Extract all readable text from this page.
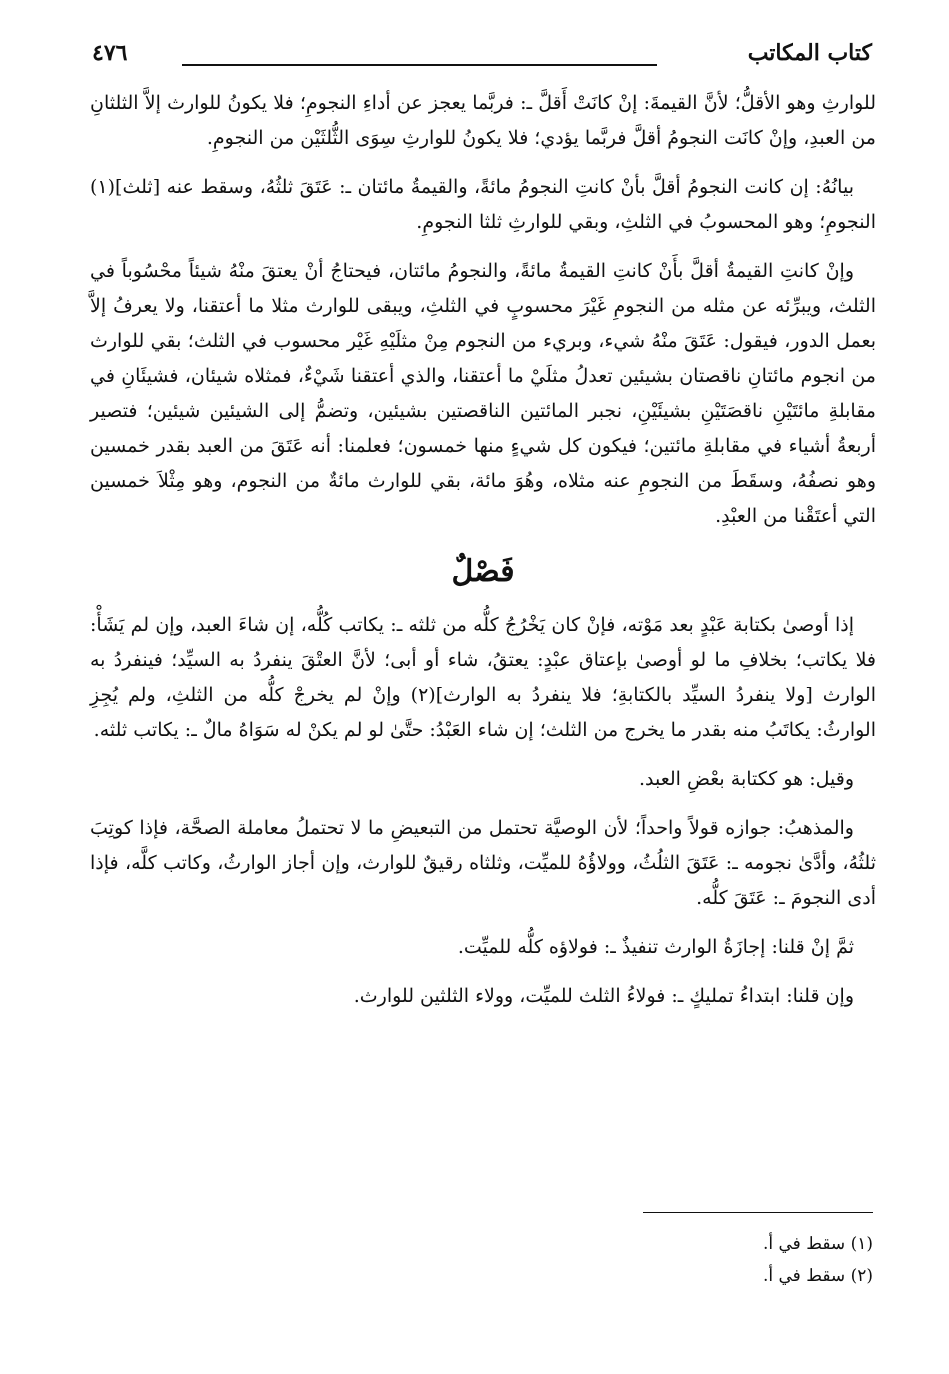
كتاب المكاتب
٤٧٦

للوارثِ وهو الأقلُّ؛ لأنَّ القيمةَ: إنْ كانَتْ أَقلَّ ـ: فربَّما يعجز عن أداءِ النجومِ؛ فلا يكونُ للوارث إلاَّ الثلثانِ من العبدِ، وإنْ كانَت النجومُ أقلَّ فربَّما يؤدي؛ فلا يكونُ للوارثِ سِوَى الثُّلثَيْن من النجومِ.

بيانُهُ: إن كانت النجومُ أقلَّ بأنْ كانتِ النجومُ مائةً، والقيمةُ مائتان ـ: عَتَقَ ثلثُهُ، وسقط عنه [ثلث](١) النجومِ؛ وهو المحسوبُ في الثلثِ، وبقي للوارثِ ثلثا النجومِ.

وإنْ كانتِ القيمةُ أقلَّ بأَنْ كانتِ القيمةُ مائةً، والنجومُ مائتان، فيحتاجُ أنْ يعتقَ منْهُ شيئاً محْسُوباً في الثلث، ويبرِّئه عن مثله من النجومِ غَيْرَ محسوبٍ في الثلثِ، ويبقى للوارث مثلا ما أعتقنا، ولا يعرفُ إلاَّ بعمل الدور، فيقول: عَتَقَ منْهُ شيء، وبريء من النجوم مِنْ مثلَيْهِ غَيْر محسوب في الثلث؛ بقي للوارث من انجوم مائتانِ ناقصتان بشيئين تعدلُ مثلَيْ ما أعتقنا، والذي أعتقنا شَيْءٌ، فمثلاه شيئان، فشيئَانِ في مقابلةِ مائتَيْنِ ناقصَتَيْنِ بشيئَيْنِ، نجبر المائتين الناقصتين بشيئين، وتضمُّ إلى الشيئين شيئين؛ فتصير أربعةُ أشياء في مقابلةِ مائتين؛ فيكون كل شيءٍ منها خمسون؛ فعلمنا: أنه عَتَقَ من العبد بقدر خمسين وهو نصفُهُ، وسقَطَ من النجومِ عنه مثلاه، وهُوَ مائة، بقي للوارث مائةٌ من النجوم، وهو مِثْلاَ خمسين التي أعتَقْنا من العبْدِ.

فَصْلٌ

إذا أوصىٰ بكتابة عَبْدٍ بعد مَوْته، فإنْ كان يَخْرُجُ كلُّه من ثلثه ـ: يكاتب كُلُّه، إن شاءَ العبد، وإن لم يَشَأْ: فلا يكاتب؛ بخلافِ ما لو أوصىٰ بإعتاق عبْدٍ: يعتقُ، شاء أو أبى؛ لأنَّ العتْقَ ينفردُ به السيِّد؛ فينفردُ به الوارث [ولا ينفردُ السيِّد بالكتابةِ؛ فلا ينفردُ به الوارث](٢) وإنْ لم يخرجْ كلُّه من الثلثِ، ولم يُجِزِ الوارثُ: يكاتَبُ منه بقدر ما يخرج من الثلث؛ إن شاء العَبْدُ: حتَّىٰ لو لم يكنْ له سَوَاهُ مالٌ ـ: يكاتب ثلثه.

وقيل: هو ككتابة بعْضِ العبد.

والمذهبُ: جوازه قولاً واحداً؛ لأن الوصيَّة تحتمل من التبعيضِ ما لا تحتملُ معاملة الصحَّة، فإذا كوتِبَ ثلثُهُ، وأدَّىٰ نجومه ـ: عَتَقَ الثلُثُ، وولاؤُهُ للميِّت، وثلثاه رقيقٌ للوارث، وإن أجاز الوارثُ، وكاتب كلَّه، فإذا أدى النجومَ ـ: عَتَقَ كلُّه.

ثمَّ إنْ قلنا: إجازَةُ الوارث تنفيذٌ ـ: فولاؤه كلُّه للميِّت.

وإن قلنا: ابتداءُ تمليكٍ ـ: فولاءُ الثلث للميِّت، وولاء الثلثين للوارث.

(١) سقط في أ.
(٢) سقط في أ.
